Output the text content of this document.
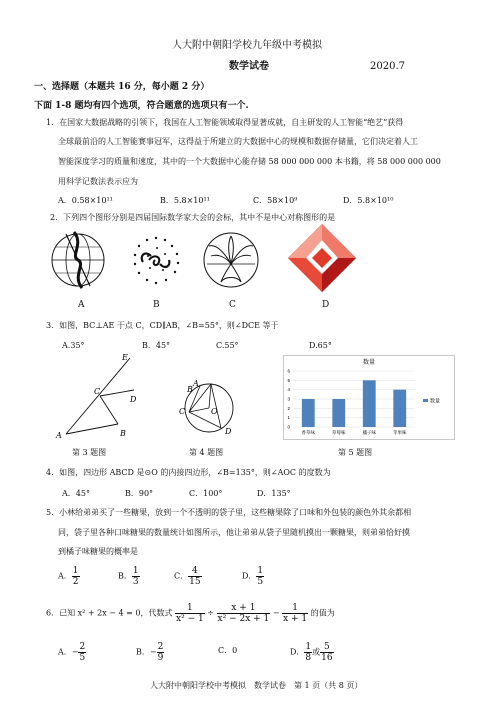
人大附中朝阳学校九年级中考模拟
数学试卷	2020.7
一、选择题（本题共 16 分，每小题 2 分）
下面 1-8 题均有四个选项，符合题意的选项只有一个.
1．在国家大数据战略的引领下，我国在人工智能领域取得显著成就，自主研发的人工智能“绝艺”获得
全球最前沿的人工智能赛事冠军，这得益于所建立的大数据中心的规模和数据存储量，它们决定着人工
智能深度学习的质量和速度，其中的一个大数据中心能存储 58 000 000 000 本书籍，将 58 000 000 000
用科学记数法表示应为
A．0.58×10¹¹	B．5.8×10¹¹	C．58×10⁹	D．5.8×10¹⁰
2．下列四个图形分别是四届国际数学家大会的会标，其中不是中心对称图形的是
A	B	C	D
3．如图，BC⊥AE 于点 C，CD∥AB，∠B=55°，则∠DCE 等于
A.35°	B．45°	C.55°	D.65°
E
C
D
A	B
第 3 题图
A
B
C	O
D
第 4 题图
数量
0
1
2
3
4
5
6
香草味	草莓味	橘子味	苹果味
数量
第 5 题图
4．如图，四边形 ABCD 是⊙O 的内接四边形，∠B=135°，则∠AOC 的度数为
A．45°	B．90°	C．100°	D．135°
5．小林给弟弟买了一些糖果，放到一个不透明的袋子里，这些糖果除了口味和外包装的颜色外其余都相
同，袋子里各种口味糖果的数量统计如图所示，他让弟弟从袋子里随机摸出一颗糖果，则弟弟恰好摸
到橘子味糖果的概率是
A． $\frac{1}{2}$	B． $\frac{1}{3}$	C． $\frac{4}{15}$	D． $\frac{1}{5}$
6．已知 x² + 2x − 4 = 0，代数式 $\frac{1}{\text{x² − 1}} \div \frac{x + 1}{\text{x² − 2x + 1}} - \frac{1}{x + 1}$ 的值为
A．− $\frac{2}{5}$	B．− $\frac{2}{9}$	C．0	D． $\frac{1}{8}$ 或 $\frac{5}{16}$
人大附中朝阳学校中考模拟　数学试卷　第 1 页（共 8 页）
